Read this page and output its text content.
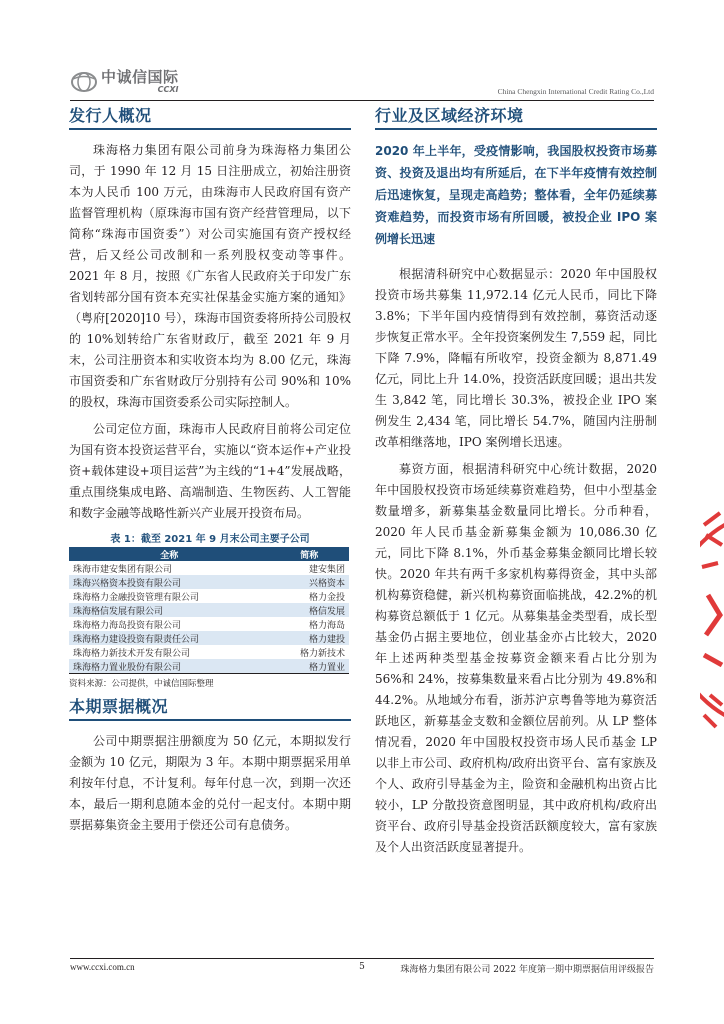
中诚信国际
CCXI	China Chengxin International Credit Rating Co.,Ltd
发行人概况

珠海格力集团有限公司前身为珠海格力集团公司，于 1990 年 12 月 15 日注册成立，初始注册资本为人民币 100 万元，由珠海市人民政府国有资产监督管理机构（原珠海市国有资产经营管理局，以下简称“珠海市国资委”）对公司实施国有资产授权经营，后又经公司改制和一系列股权变动等事件。2021 年 8 月，按照《广东省人民政府关于印发广东省划转部分国有资本充实社保基金实施方案的通知》（粤府[2020]10 号），珠海市国资委将所持公司股权的 10%划转给广东省财政厅，截至 2021 年 9 月末，公司注册资本和实收资本均为 8.00 亿元，珠海市国资委和广东省财政厅分别持有公司 90%和 10%的股权，珠海市国资委系公司实际控制人。

公司定位方面，珠海市人民政府目前将公司定位为国有资本投资运营平台，实施以“资本运作+产业投资+载体建设+项目运营”为主线的“1+4”发展战略，重点围绕集成电路、高端制造、生物医药、人工智能和数字金融等战略性新兴产业展开投资布局。

表 1：截至 2021 年 9 月末公司主要子公司
全称	简称
珠海市建安集团有限公司	建安集团
珠海兴格资本投资有限公司	兴格资本
珠海格力金融投资管理有限公司	格力金投
珠海格信发展有限公司	格信发展
珠海格力海岛投资有限公司	格力海岛
珠海格力建设投资有限责任公司	格力建投
珠海格力新技术开发有限公司	格力新技术
珠海格力置业股份有限公司	格力置业
资料来源：公司提供，中诚信国际整理
本期票据概况

公司中期票据注册额度为 50 亿元，本期拟发行金额为 10 亿元，期限为 3 年。本期中期票据采用单利按年付息，不计复利。每年付息一次，到期一次还本，最后一期利息随本金的兑付一起支付。本期中期票据募集资金主要用于偿还公司有息债务。

行业及区域经济环境

2020 年上半年，受疫情影响，我国股权投资市场募资、投资及退出均有所延后，在下半年疫情有效控制后迅速恢复，呈现走高趋势；整体看，全年仍延续募资难趋势，而投资市场有所回暖，被投企业 IPO 案例增长迅速

根据清科研究中心数据显示：2020 年中国股权投资市场共募集 11,972.14 亿元人民币，同比下降 3.8%；下半年国内疫情得到有效控制，募资活动逐步恢复正常水平。全年投资案例发生 7,559 起，同比下降 7.9%，降幅有所收窄，投资金额为 8,871.49 亿元，同比上升 14.0%，投资活跃度回暖；退出共发生 3,842 笔，同比增长 30.3%，被投企业 IPO 案例发生 2,434 笔，同比增长 54.7%，随国内注册制改革相继落地，IPO 案例增长迅速。

募资方面，根据清科研究中心统计数据，2020 年中国股权投资市场延续募资难趋势，但中小型基金数量增多，新募集基金数量同比增长。分币种看，2020 年人民币基金新募集金额为 10,086.30 亿元，同比下降 8.1%，外币基金募集金额同比增长较快。2020 年共有两千多家机构募得资金，其中头部机构募资稳健，新兴机构募资面临挑战，42.2%的机构募资总额低于 1 亿元。从募集基金类型看，成长型基金仍占据主要地位，创业基金亦占比较大，2020 年上述两种类型基金按募资金额来看占比分别为 56%和 24%，按募集数量来看占比分别为 49.8%和 44.2%。从地域分布看，浙苏沪京粤鲁等地为募资活跃地区，新募基金支数和金额位居前列。从 LP 整体情况看，2020 年中国股权投资市场人民币基金 LP 以非上市公司、政府机构/政府出资平台、富有家族及个人、政府引导基金为主，险资和金融机构出资占比较小，LP 分散投资意图明显，其中政府机构/政府出资平台、政府引导基金投资活跃额度较大，富有家族及个人出资活跃度显著提升。

5
www.ccxi.com.cn	珠海格力集团有限公司 2022 年度第一期中期票据信用评级报告
